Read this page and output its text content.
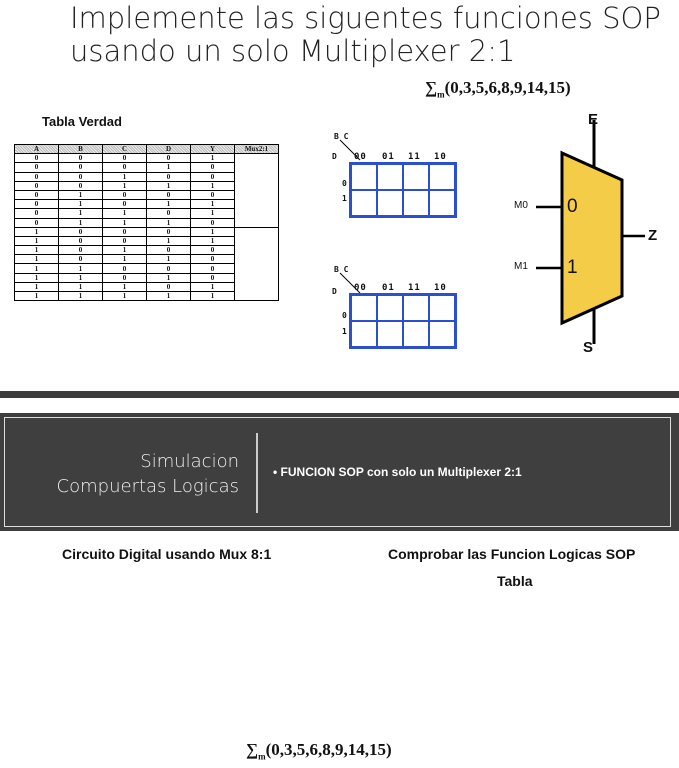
Implemente las siguentes funciones SOP
usando un solo Multiplexer 2:1
$\sum_m(0,3,5,6,8,9,14,15)$
Tabla Verdad
A	B	C	D	Y	Mux2:1
0	0	0	0	1	
0	0	0	1	0	
0	0	1	0	0	
0	0	1	1	1	
0	1	0	0	0	
0	1	0	1	1	
0	1	1	0	1	
0	1	1	1	0	
1	0	0	0	1	
1	0	0	1	1	
1	0	1	0	0	
1	0	1	1	0	
1	1	0	0	0	
1	1	0	1	0	
1	1	1	0	1	
1	1	1	1	1	
B C
D 00 01 11 10
0
1
B C
D 00 01 11 10
0
1
E
M0
M1
0
1
Z
S
Simulacion
Compuertas Logicas
• FUNCION SOP con solo un Multiplexer 2:1
Circuito Digital usando Mux 8:1	Comprobar las Funcion Logicas SOP
Tabla
$\sum_m(0,3,5,6,8,9,14,15)$
